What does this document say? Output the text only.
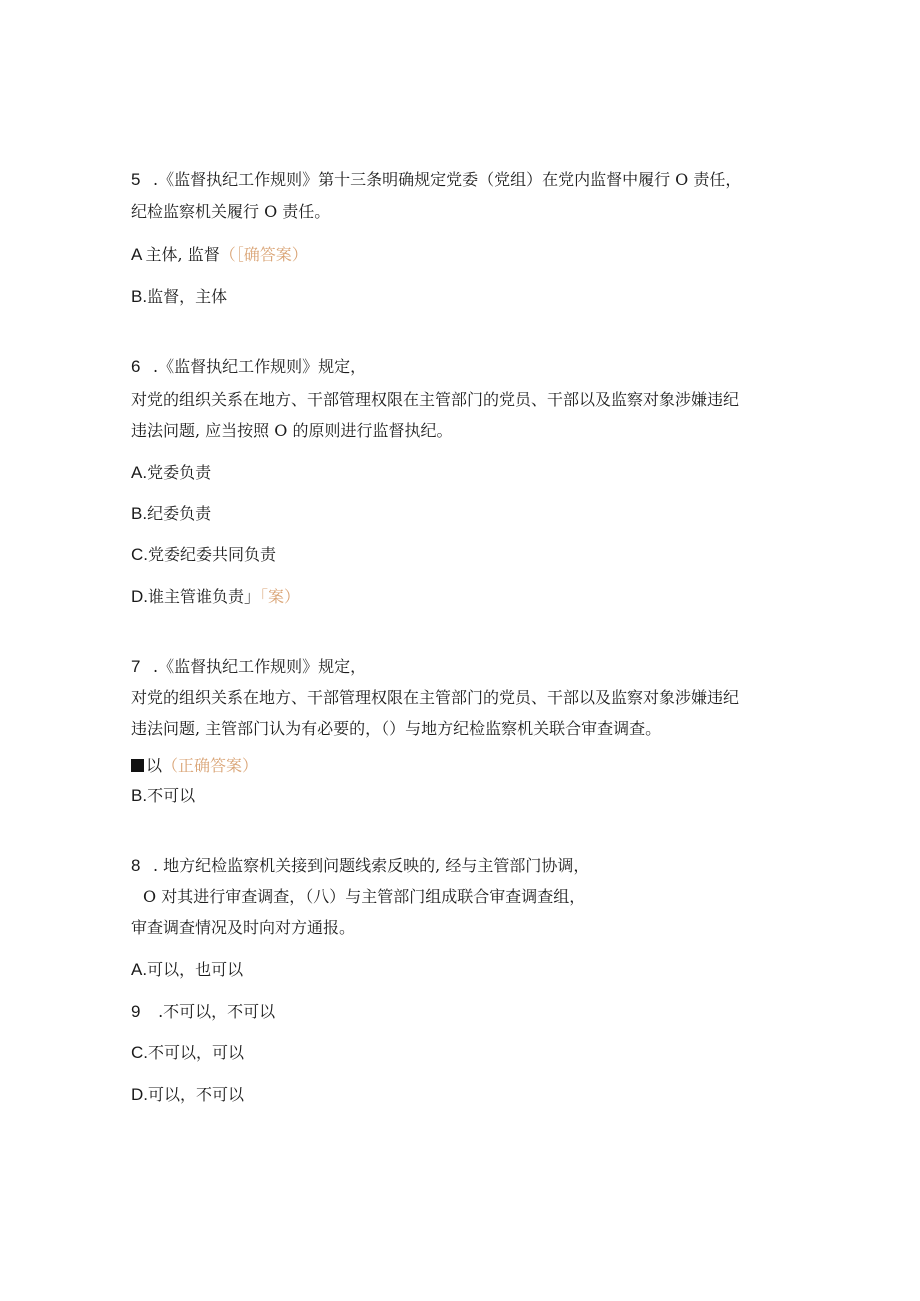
5 .《监督执纪工作规则》第十三条明确规定党委（党组）在党内监督中履行 O 责任，
纪检监察机关履行 O 责任。
A  主体, 监督（［确答案）
B.监督，主体
6 .《监督执纪工作规则》规定，
对党的组织关系在地方、干部管理权限在主管部门的党员、干部以及监察对象涉嫌违纪
违法问题, 应当按照 O 的原则进行监督执纪。
A.党委负责
B.纪委负责
C.党委纪委共同负责
D.谁主管谁负责」「案）
7 .《监督执纪工作规则》规定，
对党的组织关系在地方、干部管理权限在主管部门的党员、干部以及监察对象涉嫌违纪
违法问题, 主管部门认为有必要的，（）与地方纪检监察机关联合审查调查。
以（正确答案）
B.不可以
8 . 地方纪检监察机关接到问题线索反映的, 经与主管部门协调，
O 对其进行审查调查，（八）与主管部门组成联合审查调查组，
审查调查情况及时向对方通报。
A.可以，也可以
9 .不可以，不可以
C.不可以，可以
D.可以，不可以
